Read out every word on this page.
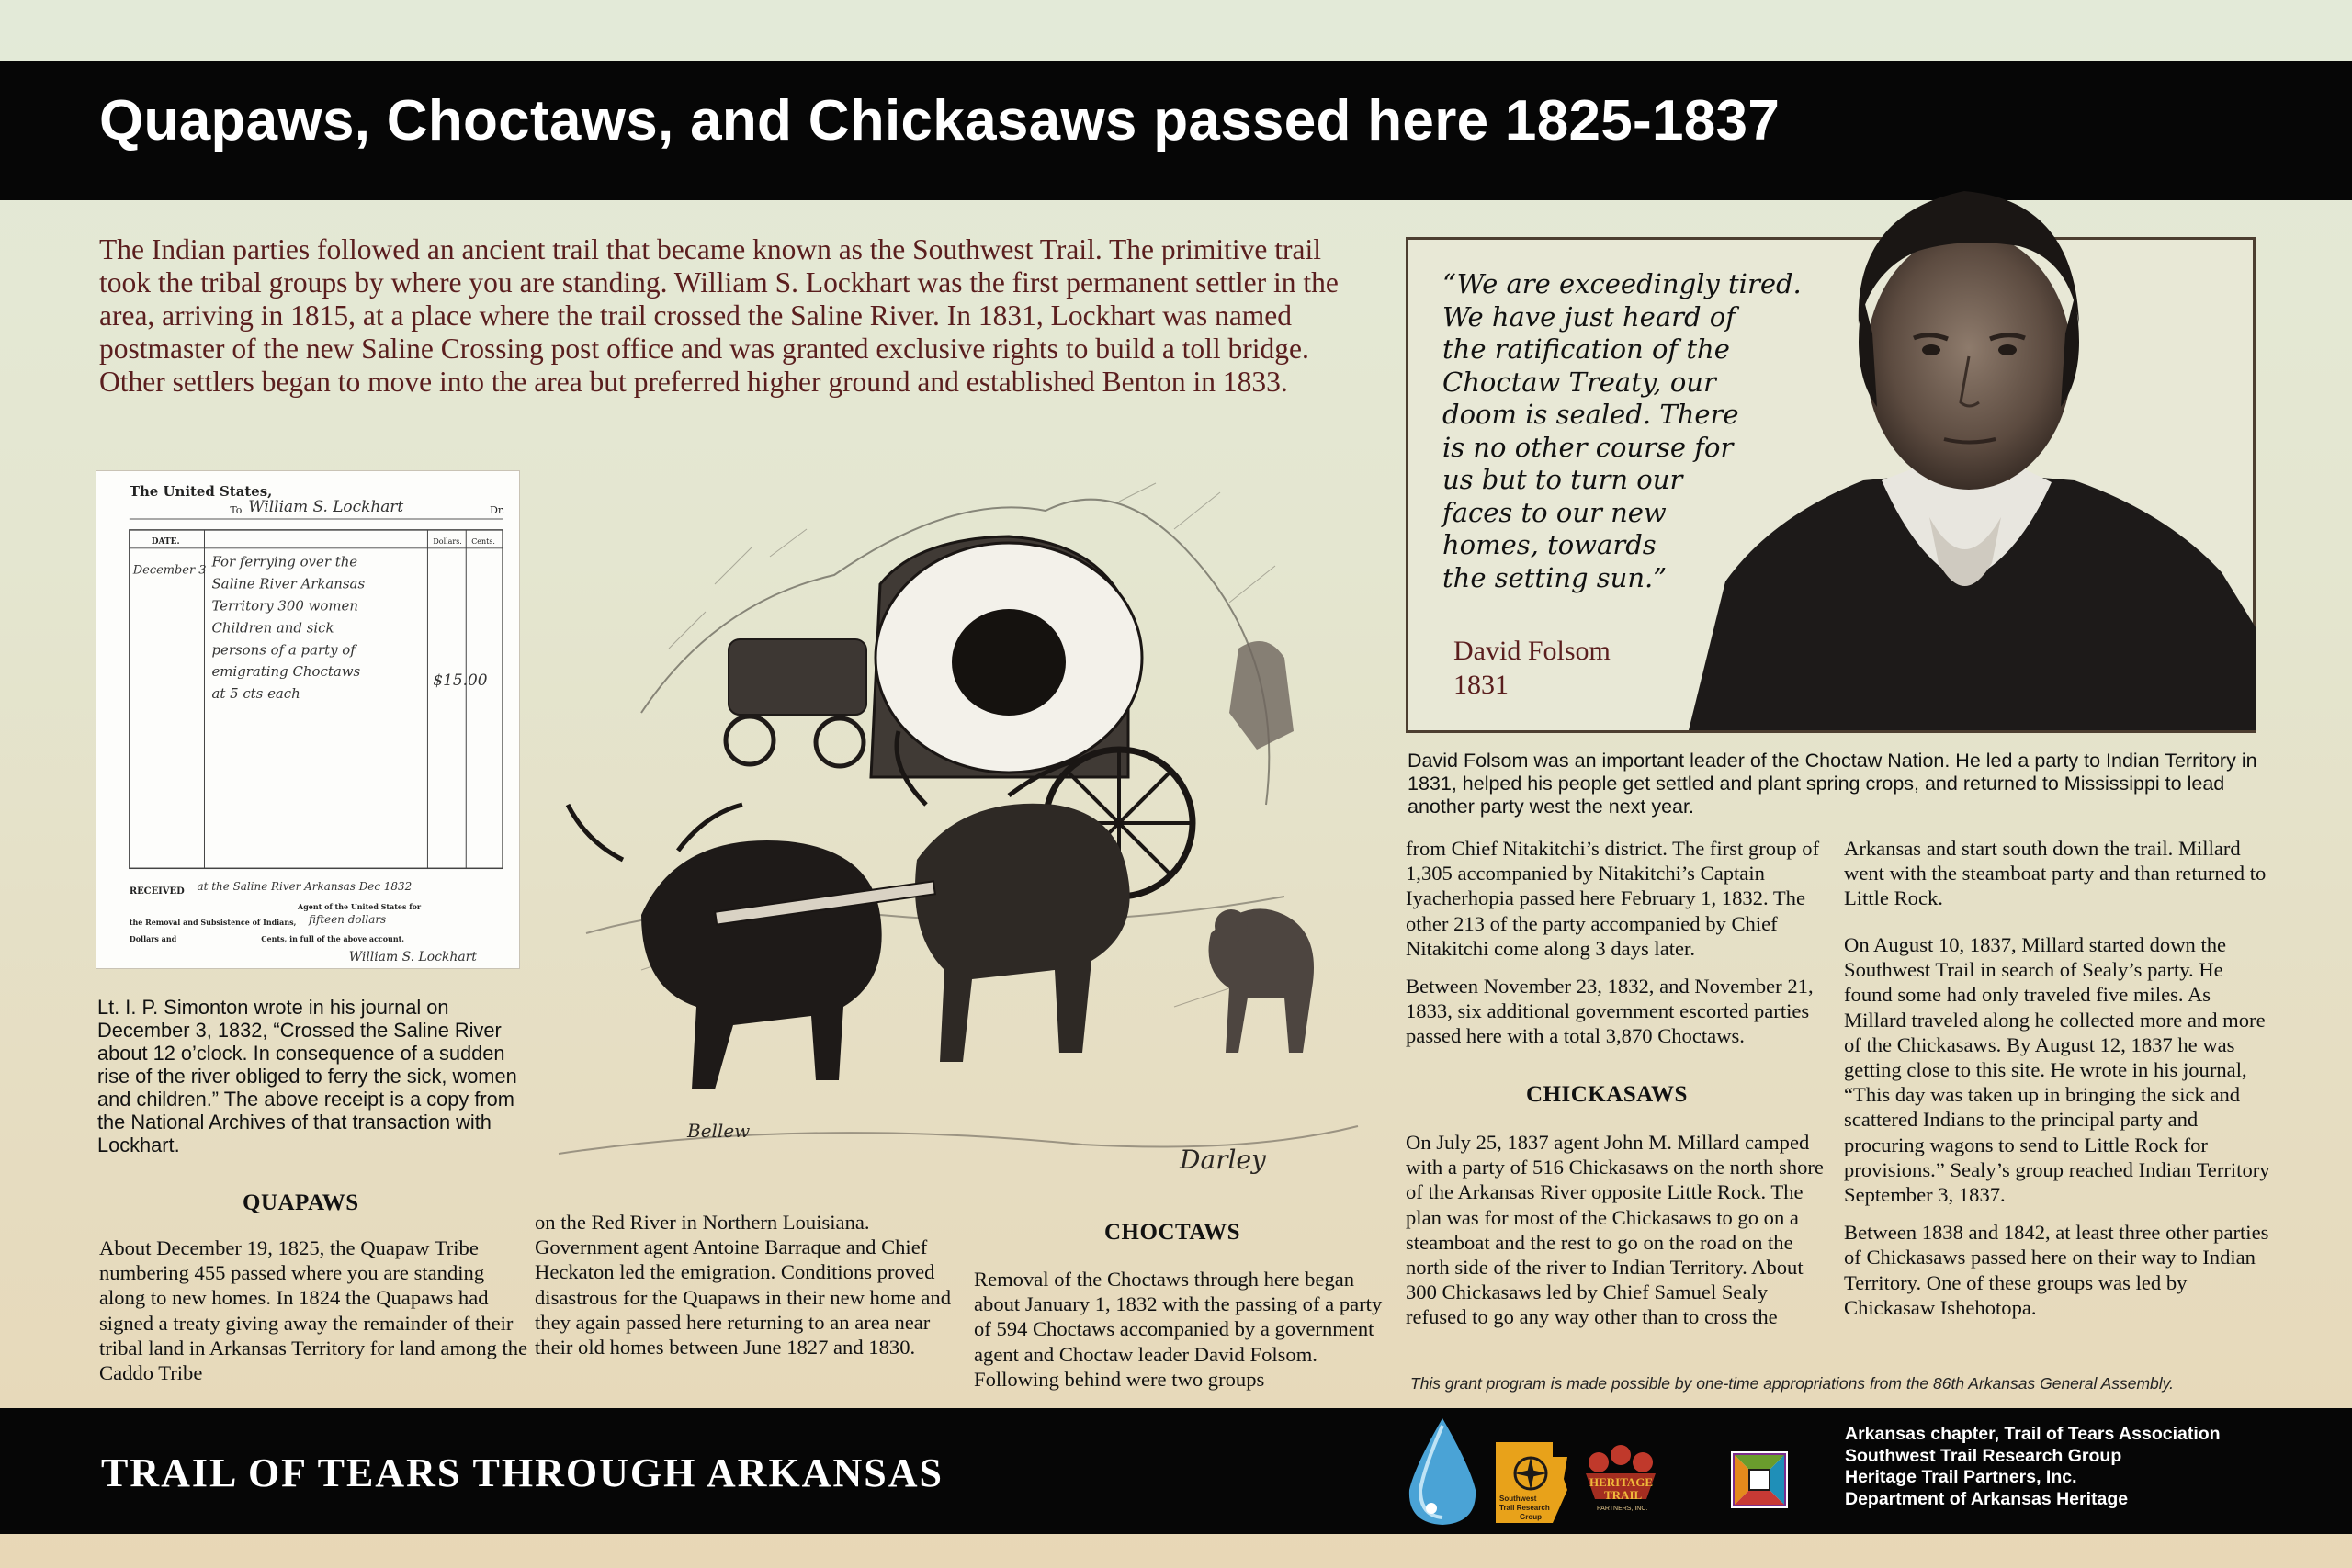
Quapaws, Choctaws, and Chickasaws passed here 1825-1837
The Indian parties followed an ancient trail that became known as the Southwest Trail. The primitive trail took the tribal groups by where you are standing. William S. Lockhart was the first permanent settler in the area, arriving in 1815, at a place where the trail crossed the Saline River. In 1831, Lockhart was named postmaster of the new Saline Crossing post office and was granted exclusive rights to build a toll bridge. Other settlers began to move into the area but preferred higher ground and established Benton in 1833.

“We are exceedingly tired.

We have just heard of

the ratification of the

Choctaw Treaty, our

doom is sealed. There

is no other course for

us but to turn our

faces to our new

homes, towards

the setting sun.”

David Folsom
1831
David Folsom was an important leader of the Choctaw Nation. He led a party to Indian Territory in 1831, helped his people get settled and plant spring crops, and returned to Mississippi to lead another party west the next year.
The United States,
To William S. Lockhart	Dr.
DATE.	Dollars. Cents.
December 3
For ferrying over the
Saline River Arkansas
Territory 300 women
Children and sick
persons of a party of
emigrating Choctaws
at 5 cts each
$15.00
RECEIVED at the Saline River Arkansas Dec 1832
Agent of the United States for
the Removal and Subsistence of Indians, fifteen dollars
Dollars and	Cents, in full of the above account.
William S. Lockhart
Lt. I. P. Simonton wrote in his journal on December 3, 1832, “Crossed the Saline River about 12 o’clock. In consequence of a sudden rise of the river obliged to ferry the sick, women and children.” The above receipt is a copy from the National Archives of that transaction with Lockhart.
Bellew
Darley
QUAPAWS
CHOCTAWS
CHICKASAWS

About December 19, 1825, the Quapaw Tribe numbering 455 passed where you are standing along to new homes. In 1824 the Quapaws had signed a treaty giving away the remainder of their tribal land in Arkansas Territory for land among the Caddo Tribe

on the Red River in Northern Louisiana. Government agent Antoine Barraque and Chief Heckaton led the emigration. Conditions proved disastrous for the Quapaws in their new home and they again passed here returning to an area near their old homes between June 1827 and 1830.

Removal of the Choctaws through here began about January 1, 1832 with the passing of a party of 594 Choctaws accompanied by a government agent and Choctaw leader David Folsom. Following behind were two groups

from Chief Nitakitchi’s district. The first group of 1,305 accompanied by Nitakitchi’s Captain Iyacherhopia passed here February 1, 1832. The other 213 of the party accompanied by Chief Nitakitchi come along 3 days later.

Between November 23, 1832, and November 21, 1833, six additional government escorted parties passed here with a total 3,870 Choctaws.

On July 25, 1837 agent John M. Millard camped with a party of 516 Chickasaws on the north shore of the Arkansas River opposite Little Rock. The plan was for most of the Chickasaws to go on a steamboat and the rest to go on the road on the north side of the river to Indian Territory. About 300 Chickasaws led by Chief Samuel Sealy refused to go any way other than to cross the

Arkansas and start south down the trail. Millard went with the steamboat party and than returned to Little Rock.

On August 10, 1837, Millard started down the Southwest Trail in search of Sealy’s party. He found some had only traveled five miles. As Millard traveled along he collected more and more of the Chickasaws. By August 12, 1837 he was getting close to this site. He wrote in his journal, “This day was taken up in bringing the sick and scattered Indians to the principal party and procuring wagons to send to Little Rock for provisions.” Sealy’s group reached Indian Territory September 3, 1837.

Between 1838 and 1842, at least three other parties of Chickasaws passed here on their way to Indian Territory. One of these groups was led by Chickasaw Ishehotopa.

This grant program is made possible by one-time appropriations from the 86th Arkansas General Assembly.
TRAIL OF TEARS THROUGH ARKANSAS
Southwest
Trail Research
Group
HERITAGE
TRAIL
PARTNERS, INC.
Arkansas chapter, Trail of Tears Association
Southwest Trail Research Group
Heritage Trail Partners, Inc.
Department of Arkansas Heritage
